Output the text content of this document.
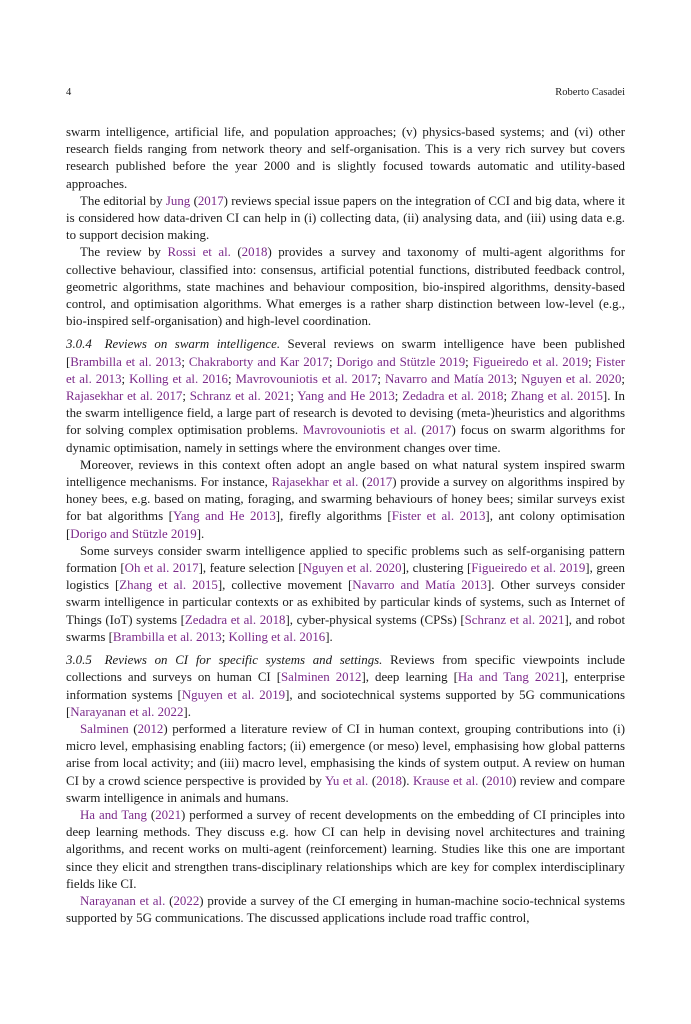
4	Roberto Casadei

swarm intelligence, artificial life, and population approaches; (v) physics-based systems; and (vi) other research fields ranging from network theory and self-organisation. This is a very rich survey but covers research published before the year 2000 and is slightly focused towards automatic and utility-based approaches.

The editorial by Jung (2017) reviews special issue papers on the integration of CCI and big data, where it is considered how data-driven CI can help in (i) collecting data, (ii) analysing data, and (iii) using data e.g. to support decision making.

The review by Rossi et al. (2018) provides a survey and taxonomy of multi-agent algorithms for collective behaviour, classified into: consensus, artificial potential functions, distributed feedback control, geometric algorithms, state machines and behaviour composition, bio-inspired algorithms, density-based control, and optimisation algorithms. What emerges is a rather sharp distinction between low-level (e.g., bio-inspired self-organisation) and high-level coordination.

3.0.4  Reviews on swarm intelligence. Several reviews on swarm intelligence have been published [Brambilla et al. 2013; Chakraborty and Kar 2017; Dorigo and Stützle 2019; Figueiredo et al. 2019; Fister et al. 2013; Kolling et al. 2016; Mavrovouniotis et al. 2017; Navarro and Matía 2013; Nguyen et al. 2020; Rajasekhar et al. 2017; Schranz et al. 2021; Yang and He 2013; Zedadra et al. 2018; Zhang et al. 2015]. In the swarm intelligence field, a large part of research is devoted to devising (meta-)heuristics and algorithms for solving complex optimisation problems. Mavrovouniotis et al. (2017) focus on swarm algorithms for dynamic optimisation, namely in settings where the environment changes over time.

Moreover, reviews in this context often adopt an angle based on what natural system inspired swarm intelligence mechanisms. For instance, Rajasekhar et al. (2017) provide a survey on algorithms inspired by honey bees, e.g. based on mating, foraging, and swarming behaviours of honey bees; similar surveys exist for bat algorithms [Yang and He 2013], firefly algorithms [Fister et al. 2013], ant colony optimisation [Dorigo and Stützle 2019].

Some surveys consider swarm intelligence applied to specific problems such as self-organising pattern formation [Oh et al. 2017], feature selection [Nguyen et al. 2020], clustering [Figueiredo et al. 2019], green logistics [Zhang et al. 2015], collective movement [Navarro and Matía 2013]. Other surveys consider swarm intelligence in particular contexts or as exhibited by particular kinds of systems, such as Internet of Things (IoT) systems [Zedadra et al. 2018], cyber-physical systems (CPSs) [Schranz et al. 2021], and robot swarms [Brambilla et al. 2013; Kolling et al. 2016].

3.0.5  Reviews on CI for specific systems and settings. Reviews from specific viewpoints include collections and surveys on human CI [Salminen 2012], deep learning [Ha and Tang 2021], enterprise information systems [Nguyen et al. 2019], and sociotechnical systems supported by 5G communications [Narayanan et al. 2022].

Salminen (2012) performed a literature review of CI in human context, grouping contributions into (i) micro level, emphasising enabling factors; (ii) emergence (or meso) level, emphasising how global patterns arise from local activity; and (iii) macro level, emphasising the kinds of system output. A review on human CI by a crowd science perspective is provided by Yu et al. (2018). Krause et al. (2010) review and compare swarm intelligence in animals and humans.

Ha and Tang (2021) performed a survey of recent developments on the embedding of CI principles into deep learning methods. They discuss e.g. how CI can help in devising novel architectures and training algorithms, and recent works on multi-agent (reinforcement) learning. Studies like this one are important since they elicit and strengthen trans-disciplinary relationships which are key for complex interdisciplinary fields like CI.

Narayanan et al. (2022) provide a survey of the CI emerging in human-machine socio-technical systems supported by 5G communications. The discussed applications include road traffic control,
